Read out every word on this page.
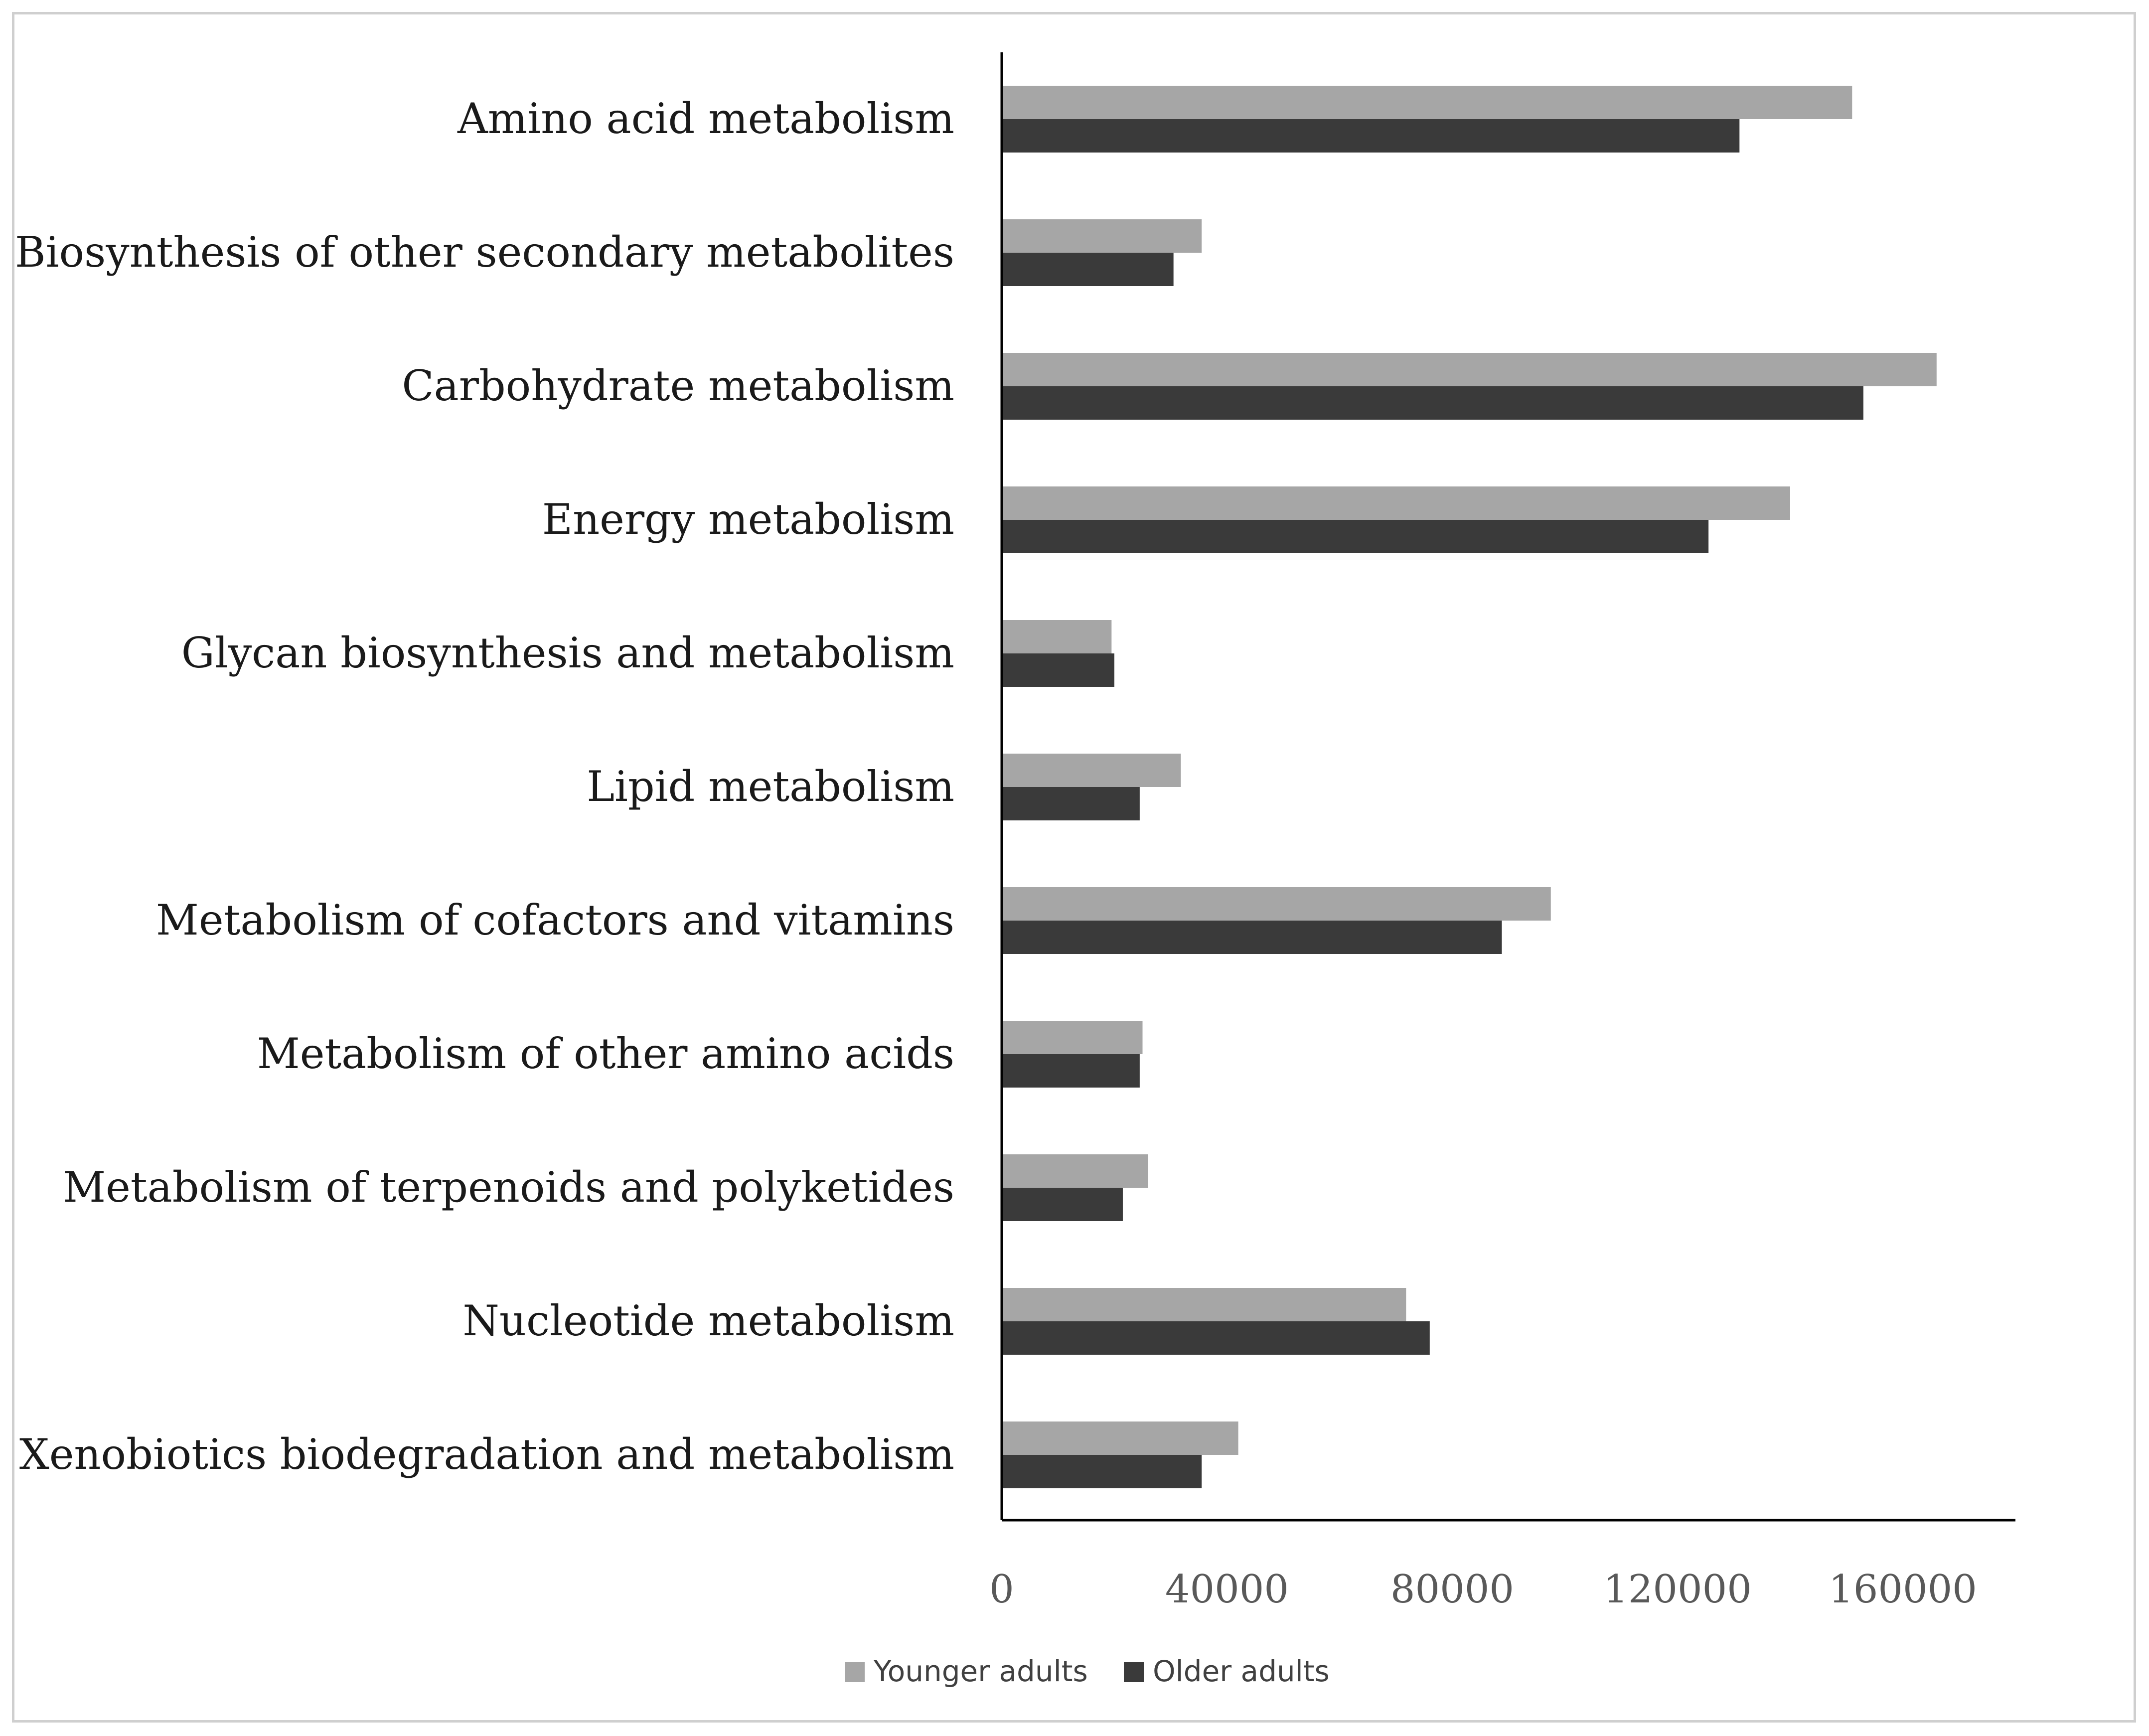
Amino acid metabolism
Biosynthesis of other secondary metabolites
Carbohydrate metabolism
Energy metabolism
Glycan biosynthesis and metabolism
Lipid metabolism
Metabolism of cofactors and vitamins
Metabolism of other amino acids
Metabolism of terpenoids and polyketides
Nucleotide metabolism
Xenobiotics biodegradation and metabolism
0	40000	80000 120000 160000
Younger adults Older adults
